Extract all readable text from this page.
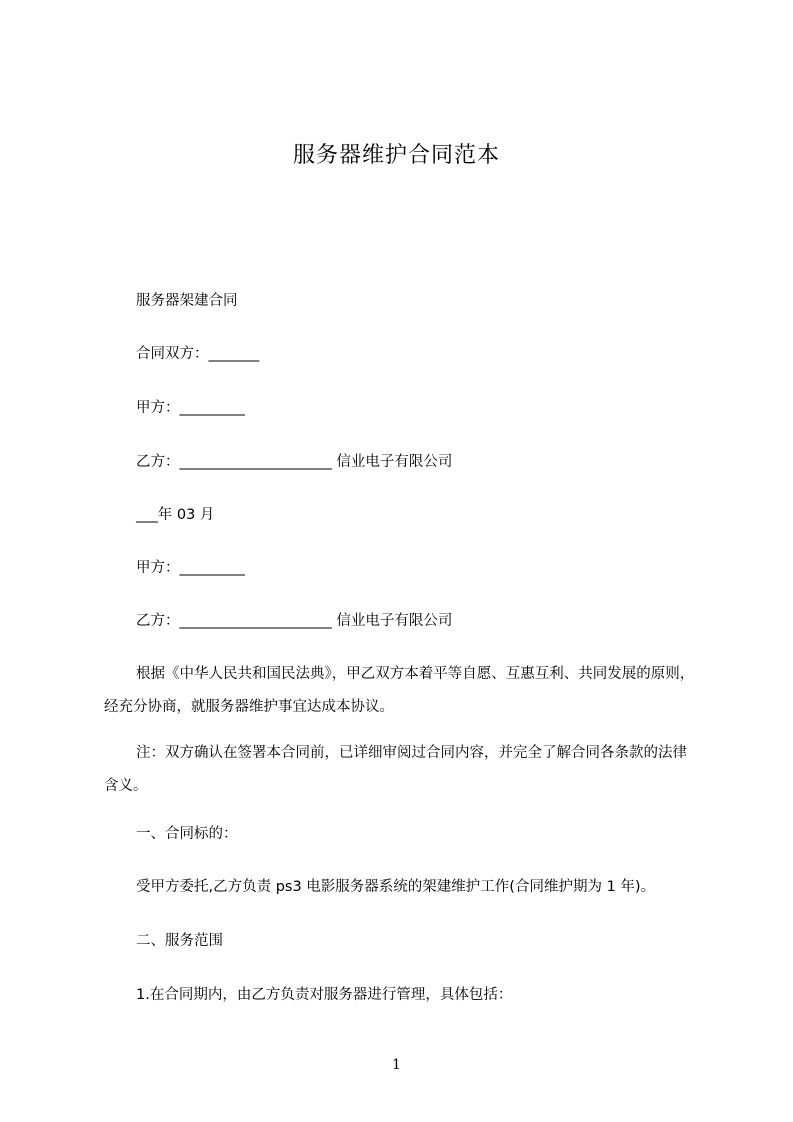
服务器维护合同范本
服务器架建合同
合同双方：_______
甲方：_________
乙方：_____________________ 信业电子有限公司
___年 03 月
甲方：_________
乙方：_____________________ 信业电子有限公司
根据《中华人民共和国民法典》，甲乙双方本着平等自愿、互惠互利、共同发展的原则，经充分协商，就服务器维护事宜达成本协议。
注：双方确认在签署本合同前，已详细审阅过合同内容，并完全了解合同各条款的法律含义。
一、合同标的：
受甲方委托,乙方负责 ps3 电影服务器系统的架建维护工作(合同维护期为 1 年)。
二、服务范围
1.在合同期内，由乙方负责对服务器进行管理，具体包括：
1
